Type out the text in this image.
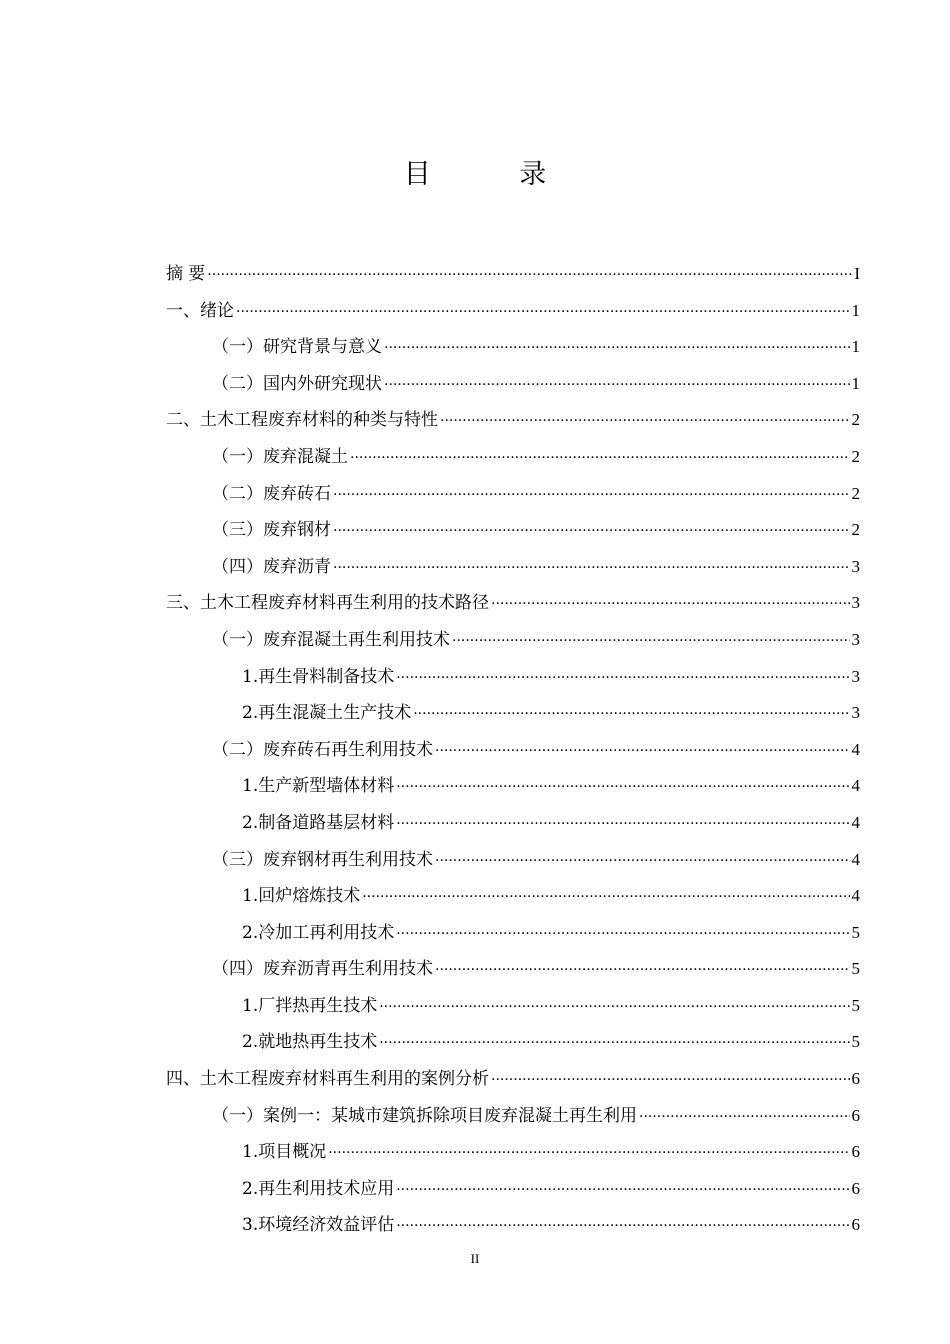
目 录
摘 要 .....	I
一、 绪论 .....	1
（一） 研究背景与意义 .....	1
（二） 国内外研究现状 .....	1
二、 土木工程废弃材料的种类与特性 .....	2
（一） 废弃混凝土 .....	2
（二） 废弃砖石 .....	2
（三） 废弃钢材 .....	2
（四） 废弃沥青 .....	3
三、 土木工程废弃材料再生利用的技术路径 .....	3
（一） 废弃混凝土再生利用技术 .....	3
1. 再生骨料制备技术 .....	3
2. 再生混凝土生产技术 .....	3
（二） 废弃砖石再生利用技术 .....	4
1. 生产新型墙体材料 .....	4
2. 制备道路基层材料 .....	4
（三） 废弃钢材再生利用技术 .....	4
1. 回炉熔炼技术 .....	4
2. 冷加工再利用技术 .....	5
（四） 废弃沥青再生利用技术 .....	5
1. 厂拌热再生技术 .....	5
2. 就地热再生技术 .....	5
四、 土木工程废弃材料再生利用的案例分析 .....	6
（一） 案例一：某城市建筑拆除项目废弃混凝土再生利用 .....	6
1. 项目概况 .....	6
2. 再生利用技术应用 .....	6
3. 环境经济效益评估 .....	6
II
